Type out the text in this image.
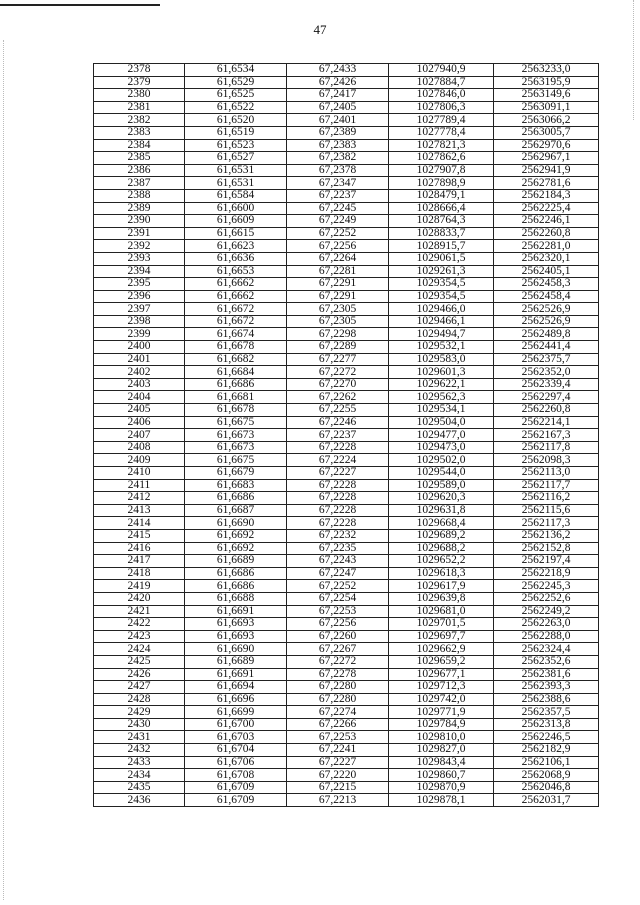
47
2378	61,6534	67,2433	1027940,9	2563233,0
2379	61,6529	67,2426	1027884,7	2563195,9
2380	61,6525	67,2417	1027846,0	2563149,6
2381	61,6522	67,2405	1027806,3	2563091,1
2382	61,6520	67,2401	1027789,4	2563066,2
2383	61,6519	67,2389	1027778,4	2563005,7
2384	61,6523	67,2383	1027821,3	2562970,6
2385	61,6527	67,2382	1027862,6	2562967,1
2386	61,6531	67,2378	1027907,8	2562941,9
2387	61,6531	67,2347	1027898,9	2562781,6
2388	61,6584	67,2237	1028479,1	2562184,3
2389	61,6600	67,2245	1028666,4	2562225,4
2390	61,6609	67,2249	1028764,3	2562246,1
2391	61,6615	67,2252	1028833,7	2562260,8
2392	61,6623	67,2256	1028915,7	2562281,0
2393	61,6636	67,2264	1029061,5	2562320,1
2394	61,6653	67,2281	1029261,3	2562405,1
2395	61,6662	67,2291	1029354,5	2562458,3
2396	61,6662	67,2291	1029354,5	2562458,4
2397	61,6672	67,2305	1029466,0	2562526,9
2398	61,6672	67,2305	1029466,1	2562526,9
2399	61,6674	67,2298	1029494,7	2562489,8
2400	61,6678	67,2289	1029532,1	2562441,4
2401	61,6682	67,2277	1029583,0	2562375,7
2402	61,6684	67,2272	1029601,3	2562352,0
2403	61,6686	67,2270	1029622,1	2562339,4
2404	61,6681	67,2262	1029562,3	2562297,4
2405	61,6678	67,2255	1029534,1	2562260,8
2406	61,6675	67,2246	1029504,0	2562214,1
2407	61,6673	67,2237	1029477,0	2562167,3
2408	61,6673	67,2228	1029473,0	2562117,8
2409	61,6675	67,2224	1029502,0	2562098,3
2410	61,6679	67,2227	1029544,0	2562113,0
2411	61,6683	67,2228	1029589,0	2562117,7
2412	61,6686	67,2228	1029620,3	2562116,2
2413	61,6687	67,2228	1029631,8	2562115,6
2414	61,6690	67,2228	1029668,4	2562117,3
2415	61,6692	67,2232	1029689,2	2562136,2
2416	61,6692	67,2235	1029688,2	2562152,8
2417	61,6689	67,2243	1029652,2	2562197,4
2418	61,6686	67,2247	1029618,3	2562218,9
2419	61,6686	67,2252	1029617,9	2562245,3
2420	61,6688	67,2254	1029639,8	2562252,6
2421	61,6691	67,2253	1029681,0	2562249,2
2422	61,6693	67,2256	1029701,5	2562263,0
2423	61,6693	67,2260	1029697,7	2562288,0
2424	61,6690	67,2267	1029662,9	2562324,4
2425	61,6689	67,2272	1029659,2	2562352,6
2426	61,6691	67,2278	1029677,1	2562381,6
2427	61,6694	67,2280	1029712,3	2562393,3
2428	61,6696	67,2280	1029742,0	2562388,6
2429	61,6699	67,2274	1029771,9	2562357,5
2430	61,6700	67,2266	1029784,9	2562313,8
2431	61,6703	67,2253	1029810,0	2562246,5
2432	61,6704	67,2241	1029827,0	2562182,9
2433	61,6706	67,2227	1029843,4	2562106,1
2434	61,6708	67,2220	1029860,7	2562068,9
2435	61,6709	67,2215	1029870,9	2562046,8
2436	61,6709	67,2213	1029878,1	2562031,7
